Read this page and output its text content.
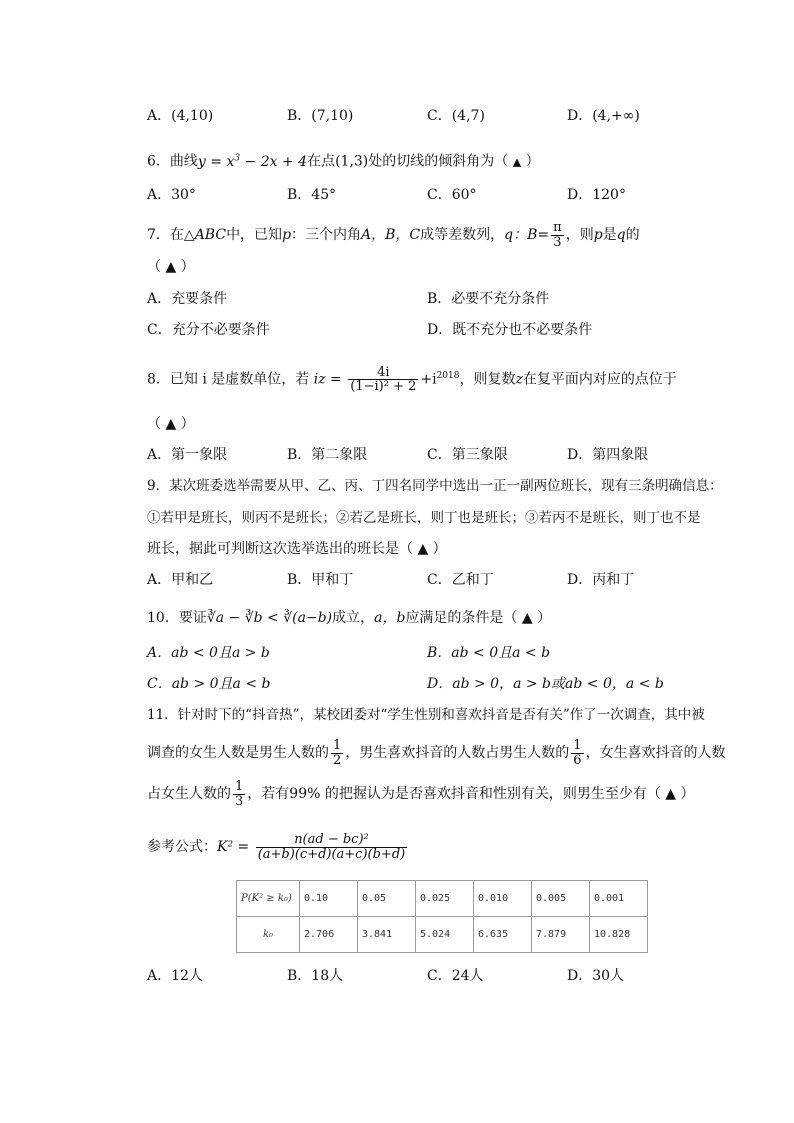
A．(4,10)	B．(7,10)	C．(4,7)	D．(4,+∞)
6．曲线$y = x^3 - 2x + 4$在点(1,3)处的切线的倾斜角为（ ▲ ）
A．30°	B．45°	C．60°	D．120°
7．在△ABC中，已知p：三个内角A，B，C成等差数列，q：$B= \frac{\pi}{3}$ ，则p是q的
（ ▲ ）
A．充要条件	B．必要不充分条件
C．充分不必要条件	D．既不充分也不必要条件
8．已知 i 是虚数单位，若 iz = $\frac{4i}{\text{(1−i)² + 2}} +i^{2018}$，则复数z在复平面内对应的点位于
（ ▲ ）
A．第一象限	B．第二象限	C．第三象限	D．第四象限
9．某次班委选举需要从甲、乙、丙、丁四名同学中选出一正一副两位班长，现有三条明确信息：
①若甲是班长，则丙不是班长；②若乙是班长，则丁也是班长；③若丙不是班长，则丁也不是
班长，据此可判断这次选举选出的班长是（ ▲ ）
A．甲和乙	B．甲和丁	C．乙和丁	D．丙和丁
10．要证∛a − ∛b < ∛(a−b)成立，a，b应满足的条件是（ ▲ ）
A．ab < 0且a > b	B．ab < 0且a < b
C．ab > 0且a < b	D．ab > 0，a > b或ab < 0，a < b
11．针对时下的“抖音热”，某校团委对“学生性别和喜欢抖音是否有关”作了一次调查，其中被
调查的女生人数是男生人数的 $\frac{1}{2}$ ，男生喜欢抖音的人数占男生人数的 $\frac{1}{6}$ ，女生喜欢抖音的人数
占女生人数的 $\frac{1}{3}$ ，若有99% 的把握认为是否喜欢抖音和性别有关，则男生至少有（ ▲ ）
参考公式：$K^2 = \frac{\text{n(ad − bc)²}}{(a+b)(c+d)(a+c)(b+d)}$
P(K² ≥ k₀)	0.10	0.05	0.025	0.010	0.005	0.001
k₀	2.706	3.841	5.024	6.635	7.879	10.828
A．12人	B．18人	C．24人	D．30人
